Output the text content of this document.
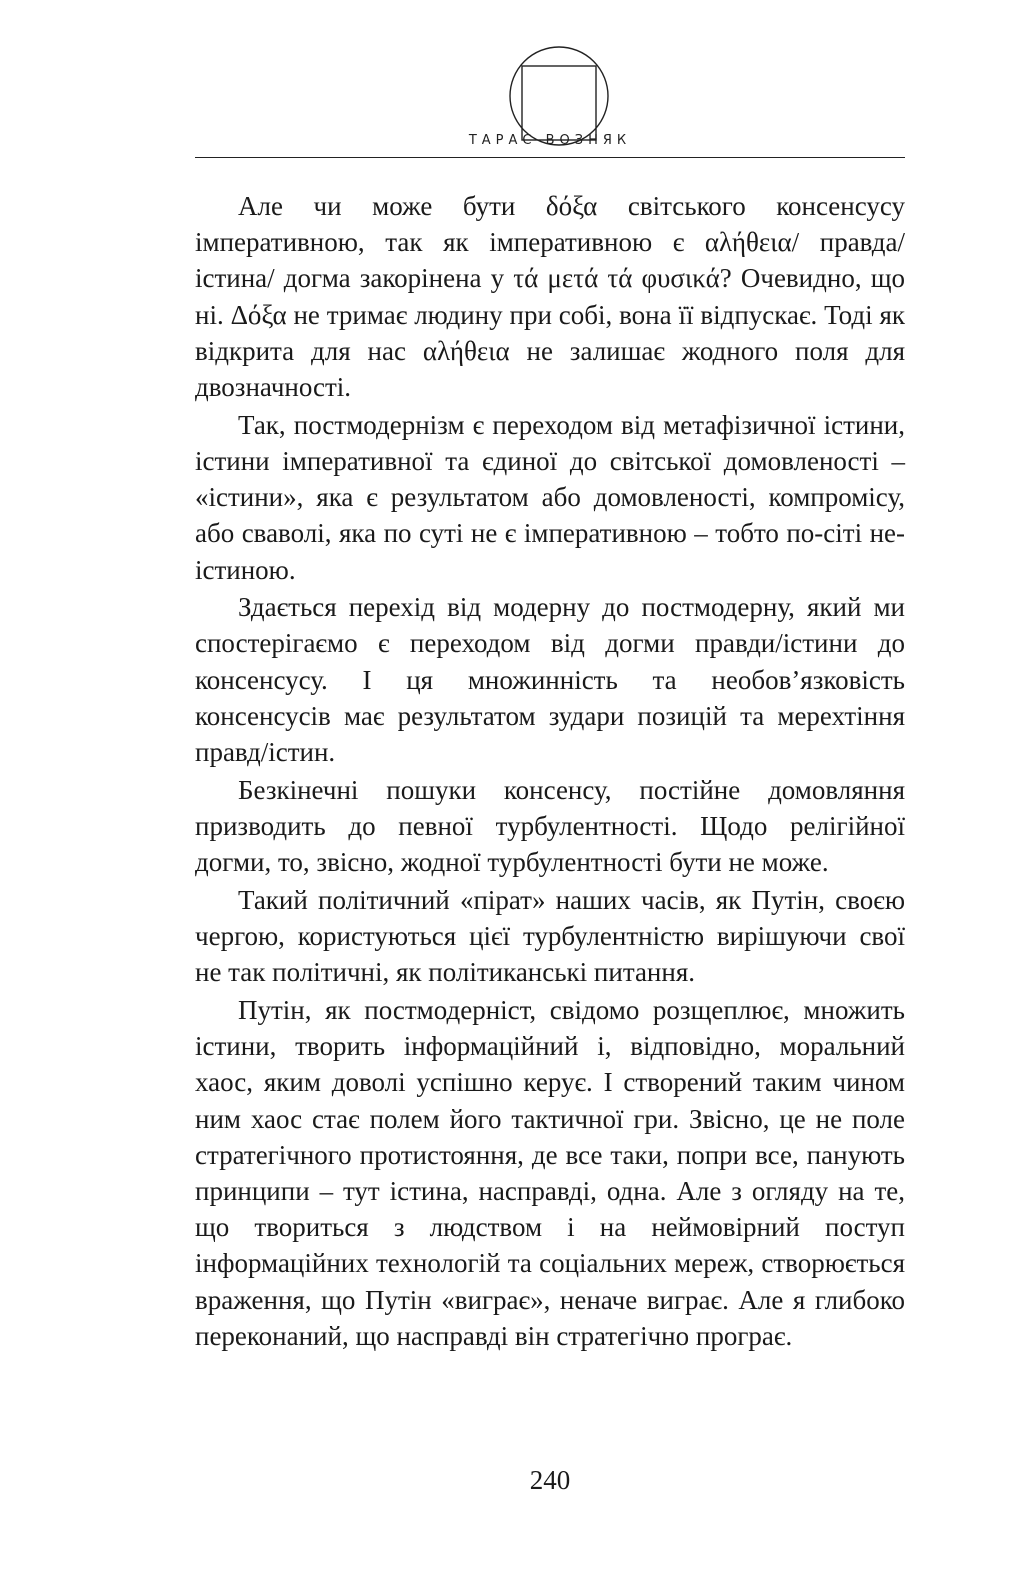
ТАРАС ВОЗНЯК

Але чи може бути δόξα світського консенсусу імперативною, так як імперативною є αλήθεια/ правда/ істина/ догма закорінена у τά μετά τά φυσικά? Очевидно, що ні. Δόξα не тримає людину при собі, вона її відпускає. Тоді як відкрита для нас αλήθεια не залишає жодного поля для двозначності.

Так, постмодернізм є переходом від метафізичної істини, істини імперативної та єдиної до світської домовленості – «істини», яка є результатом або домовленості, компромісу, або сваволі, яка по суті не є імперативною – тобто по-сіті не-істиною.

Здається перехід від модерну до постмодерну, який ми спостерігаємо є переходом від догми правди/істини до консенсусу. І ця множинність та необов’язковість консенсусів має результатом зудари позицій та мерехтіння правд/істин.

Безкінечні пошуки консенсу, постійне домовляння призводить до певної турбулентності. Щодо релігійної догми, то, звісно, жодної турбулентності бути не може.

Такий політичний «пірат» наших часів, як Путін, своєю чергою, користуються цієї турбулентністю вирішуючи свої не так політичні, як політиканські питання.

Путін, як постмодерніст, свідомо розщеплює, множить істини, творить інформаційний і, відповідно, моральний хаос, яким доволі успішно керує. І створений таким чином ним хаос стає полем його тактичної гри. Звісно, це не поле стратегічного протистояння, де все таки, попри все, панують принципи – тут істина, насправді, одна. Але з огляду на те, що твориться з людством і на неймовірний поступ інформаційних технологій та соціальних мереж, створюється враження, що Путін «виграє», неначе виграє. Але я глибоко переконаний, що насправді він стратегічно програє.

240
